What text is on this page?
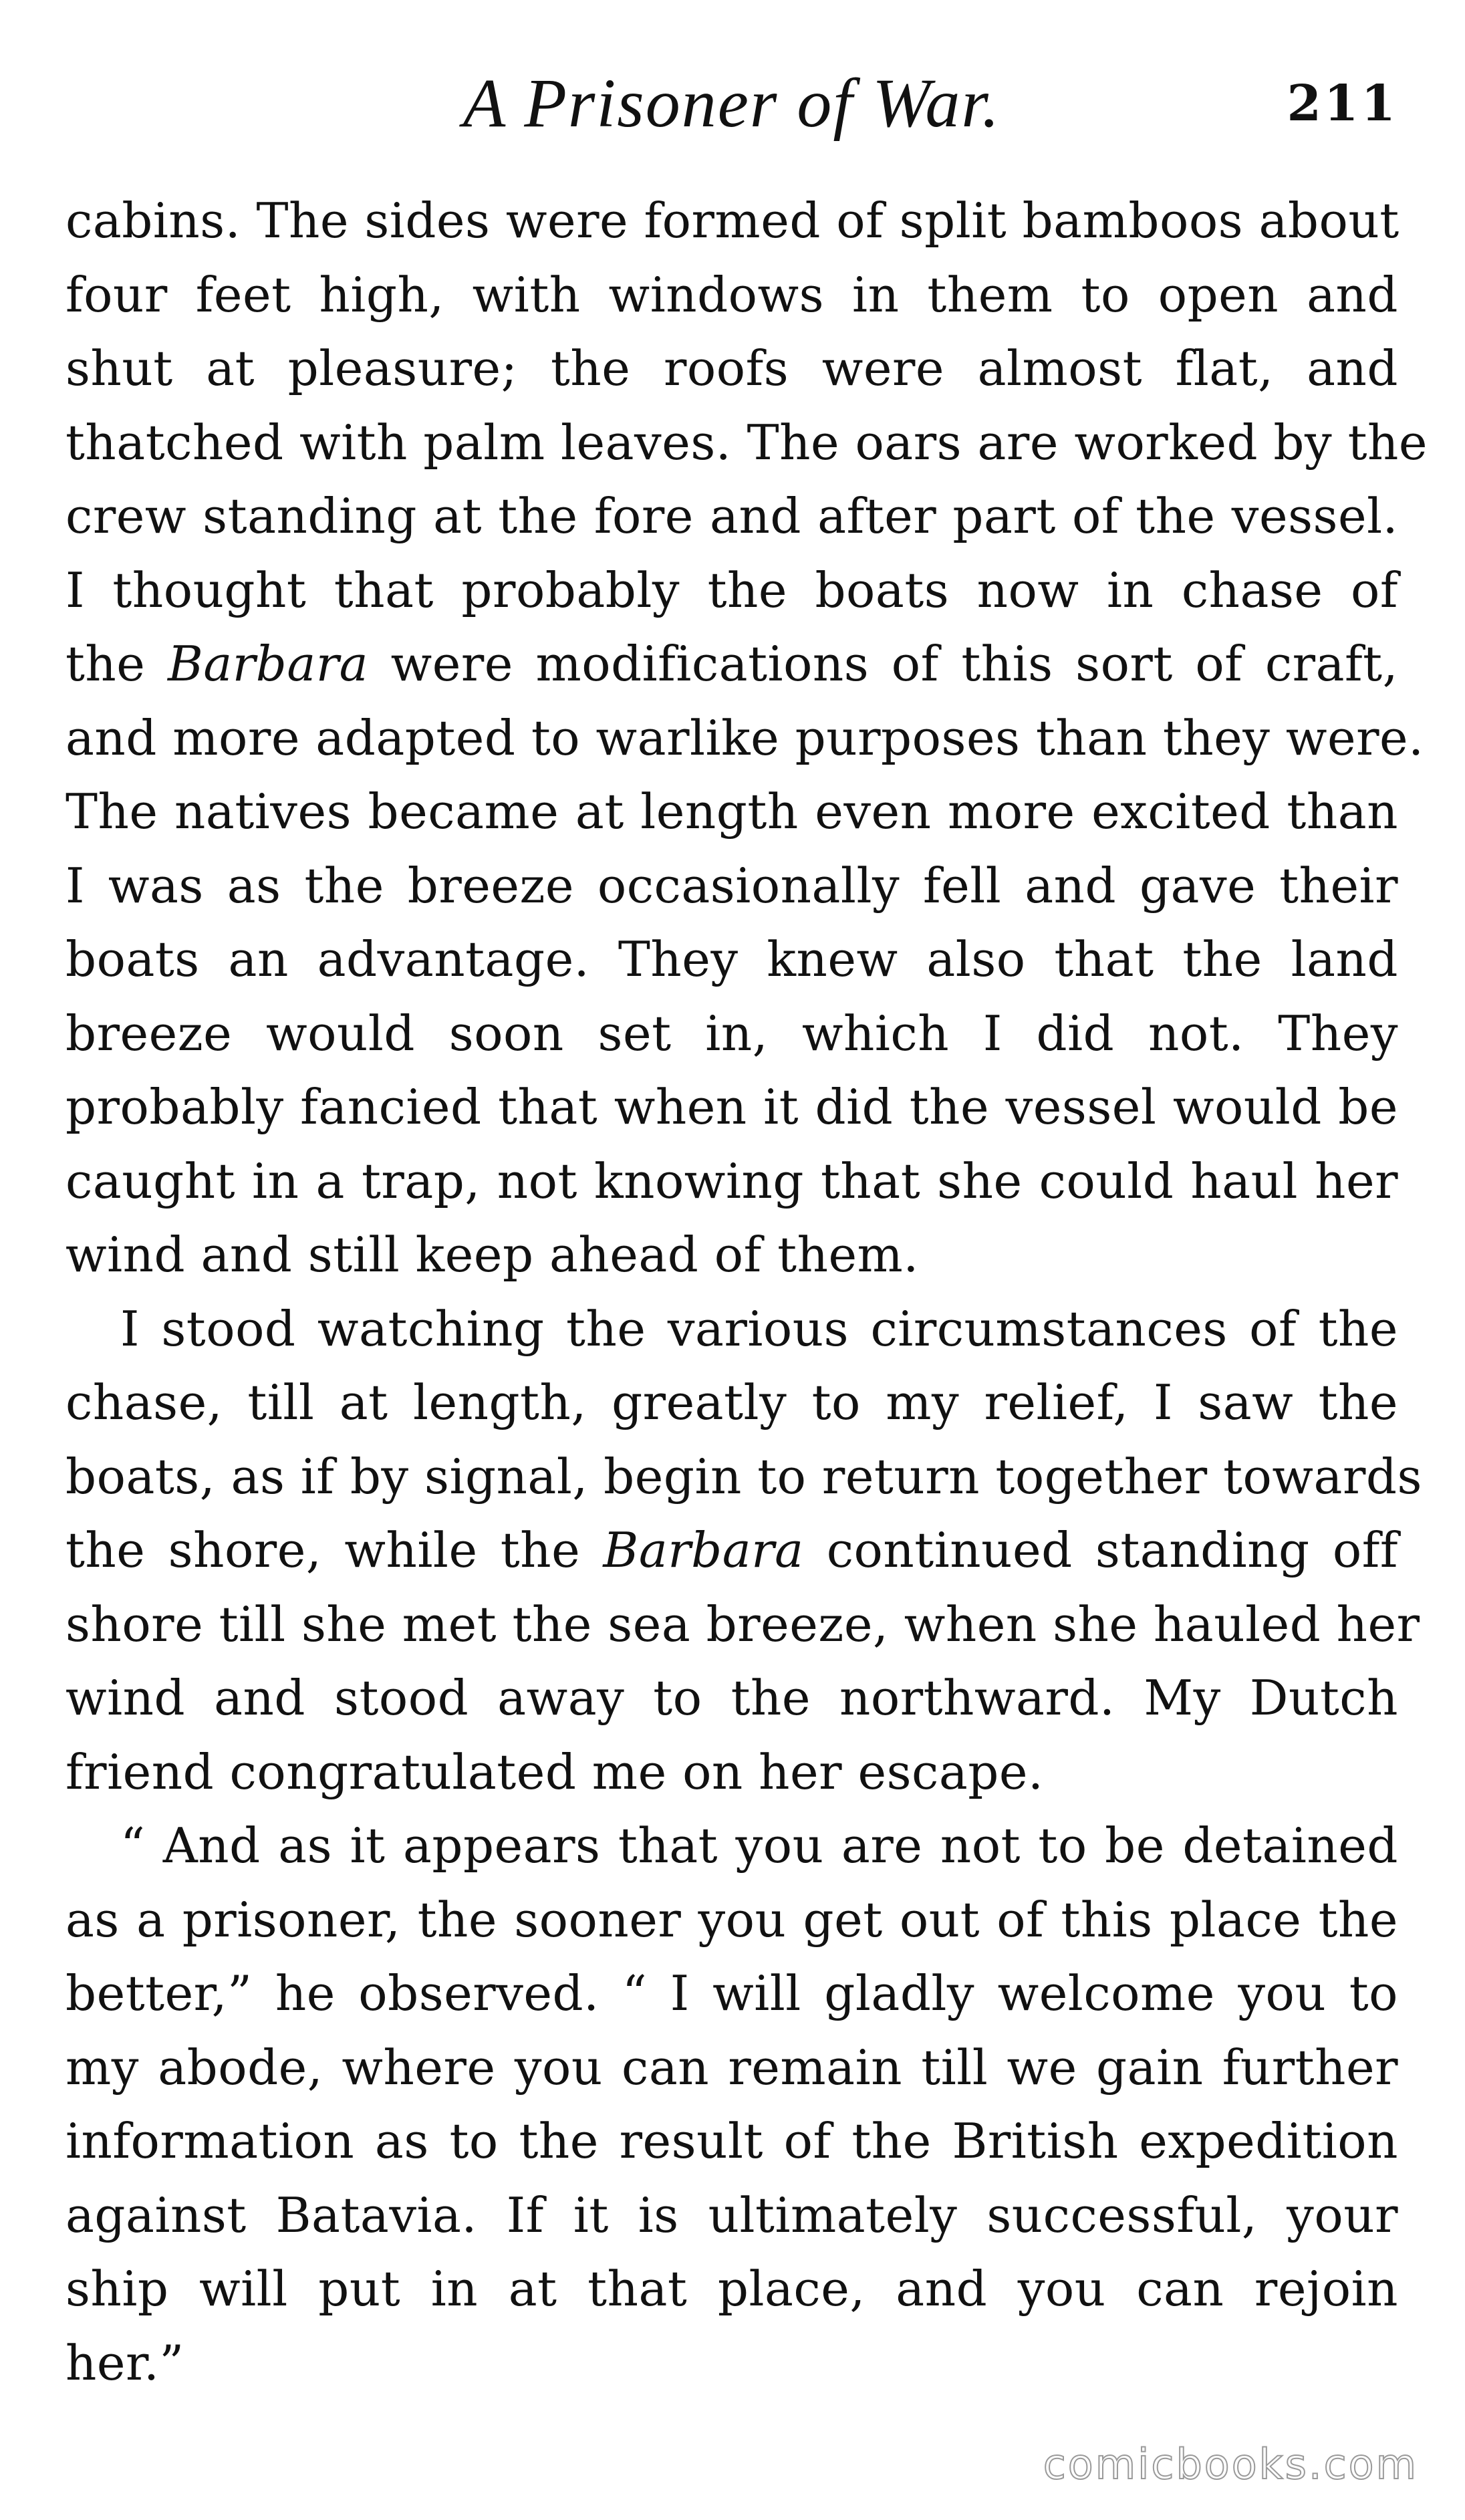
A Prisoner of War.	211
cabins. The sides were formed of split bamboos about
four feet high, with windows in them to open and
shut at pleasure; the roofs were almost flat, and
thatched with palm leaves. The oars are worked by the
crew standing at the fore and after part of the vessel.
I thought that probably the boats now in chase of
the Barbara were modifications of this sort of craft,
and more adapted to warlike purposes than they were.
The natives became at length even more excited than
I was as the breeze occasionally fell and gave their
boats an advantage. They knew also that the land
breeze would soon set in, which I did not. They
probably fancied that when it did the vessel would be
caught in a trap, not knowing that she could haul her
wind and still keep ahead of them.
I stood watching the various circumstances of the
chase, till at length, greatly to my relief, I saw the
boats, as if by signal, begin to return together towards
the shore, while the Barbara continued standing off
shore till she met the sea breeze, when she hauled her
wind and stood away to the northward. My Dutch
friend congratulated me on her escape.
“ And as it appears that you are not to be detained
as a prisoner, the sooner you get out of this place the
better,” he observed. “ I will gladly welcome you to
my abode, where you can remain till we gain further
information as to the result of the British expedition
against Batavia. If it is ultimately successful, your
ship will put in at that place, and you can rejoin
her.”
comicbooks.com
